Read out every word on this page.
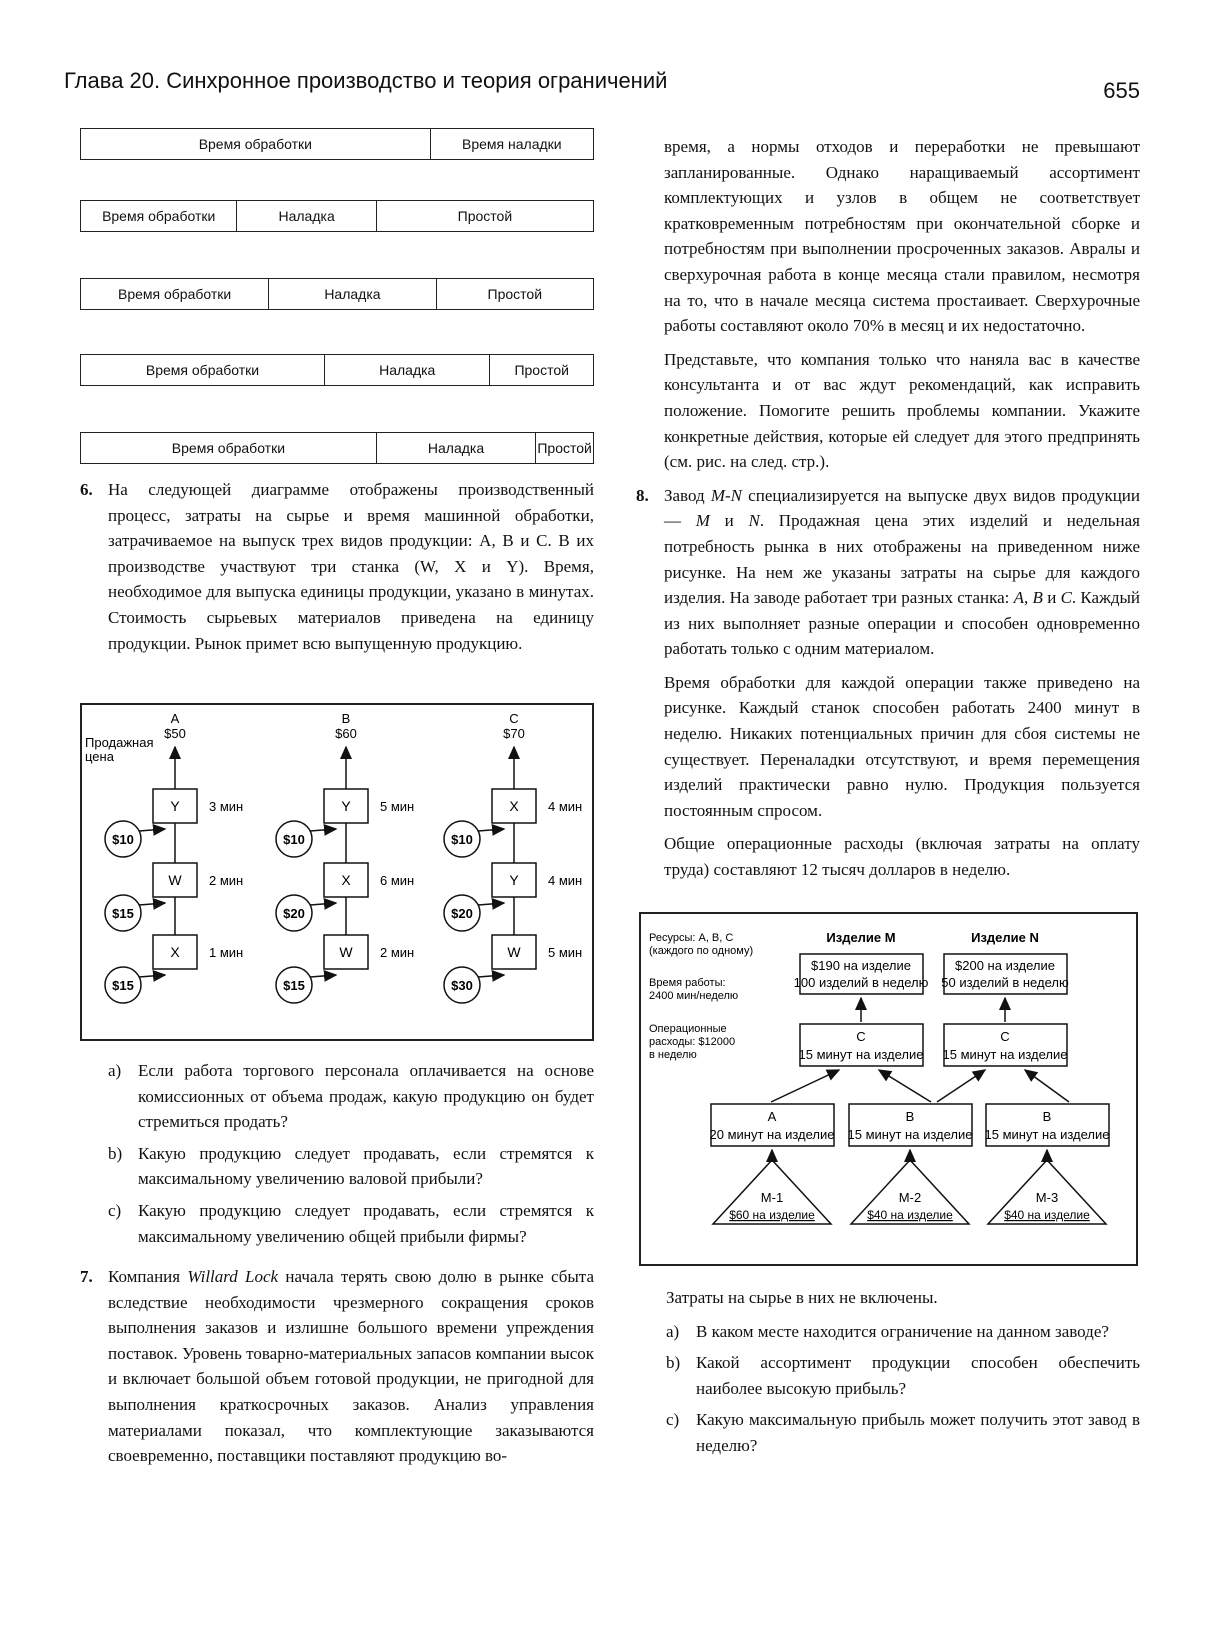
Глава 20. Синхронное производство и теория ограничений	655
Время обработки	Время наладки
Время обработки	Наладка	Простой
Время обработки	Наладка	Простой
Время обработки	Наладка	Простой
Время обработки	Наладка	Простой

6. На следующей диаграмме отображены производственный процесс, затраты на сырье и время машинной обработки, затрачиваемое на выпуск трех видов продукции: A, B и C. В их производстве участвуют три станка (W, X и Y). Время, необходимое для выпуска единицы продукции, указано в минутах. Стоимость сырьевых материалов приведена на единицу продукции. Рынок примет всю выпущенную продукцию.

Продажная
цена
A
$50
Y 3 мин
$10
W 2 мин
$15
X 1 мин
$15
B
$60
Y 5 мин
$10
X 6 мин
$20
W 2 мин
$15
C
$70
X 4 мин
$10
Y 4 мин
$20
W 5 мин
$30

a) Если работа торгового персонала оплачивается на основе комиссионных от объема продаж, какую продукцию он будет стремиться продать?

b) Какую продукцию следует продавать, если стремятся к максимальному увеличению валовой прибыли?

c) Какую продукцию следует продавать, если стремятся к максимальному увеличению общей прибыли фирмы?

7. Компания Willard Lock начала терять свою долю в рынке сбыта вследствие необходимости чрезмерного сокращения сроков выполнения заказов и излишне большого времени упреждения поставок. Уровень товарно-материальных запасов компании высок и включает большой объем готовой продукции, не пригодной для выполнения краткосрочных заказов. Анализ управления материалами показал, что комплектующие заказываются своевременно, поставщики поставляют продукцию во-

время, а нормы отходов и переработки не превышают запланированные. Однако наращиваемый ассортимент комплектующих и узлов в общем не соответствует кратковременным потребностям при окончательной сборке и потребностям при выполнении просроченных заказов. Авралы и сверхурочная работа в конце месяца стали правилом, несмотря на то, что в начале месяца система простаивает. Сверхурочные работы составляют около 70% в месяц и их недостаточно.

Представьте, что компания только что наняла вас в качестве консультанта и от вас ждут рекомендаций, как исправить положение. Помогите решить проблемы компании. Укажите конкретные действия, которые ей следует для этого предпринять (см. рис. на след. стр.).

8. Завод M-N специализируется на выпуске двух видов продукции — M и N. Продажная цена этих изделий и недельная потребность рынка в них отображены на приведенном ниже рисунке. На нем же указаны затраты на сырье для каждого изделия. На заводе работает три разных станка: A, B и C. Каждый из них выполняет разные операции и способен одновременно работать только с одним материалом.

Время обработки для каждой операции также приведено на рисунке. Каждый станок способен работать 2400 минут в неделю. Никаких потенциальных причин для сбоя системы не существует. Переналадки отсутствуют, и время перемещения изделий практически равно нулю. Продукция пользуется постоянным спросом.

Общие операционные расходы (включая затраты на оплату труда) составляют 12 тысяч долларов в неделю.

Ресурсы: A, B, C
(каждого по одному)
Время работы:
2400 мин/неделю
Операционные
расходы: $12000
в неделю
Изделие M	Изделие N
$190 на изделие
100 изделий в неделю
$200 на изделие
50 изделий в неделю
C
15 минут на изделие
C
15 минут на изделие
A
20 минут на изделие
B
15 минут на изделие
B
15 минут на изделие
M-1
$60 на изделие
M-2
$40 на изделие
M-3
$40 на изделие

Затраты на сырье в них не включены.

a) В каком месте находится ограничение на данном заводе?

b) Какой ассортимент продукции способен обеспечить наиболее высокую прибыль?

c) Какую максимальную прибыль может получить этот завод в неделю?
